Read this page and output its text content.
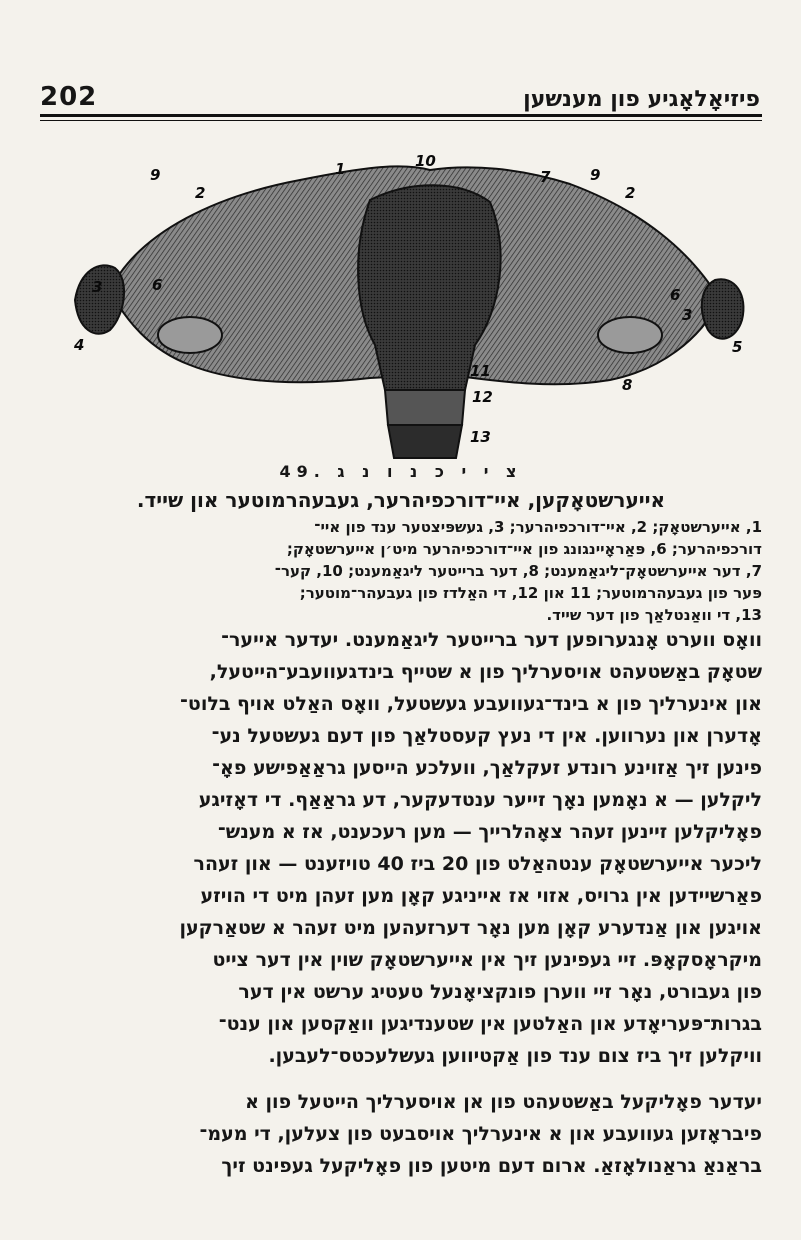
202	פיזיאָלאָגיע פון מענשען
10
9
2
1	7	9
2
6
3
4
3	6
5
8
11
12
13
צ י י כ נ ו נ ג .49
אייערשטאָקען, איי־דורכפיהרער, געבעהרמוטער און שייד.

1, אייערשטאָק; 2, איי־דורכפיהרער; 3, געשפּיצטער ענד פון איי־

דורכפיהרער; 6, פּאַראָיינגונג פון איי־דורכפיהרער מיט׳ן אייערשטאָק;

7, דער אייערשטאָק־ליגאַמענט; 8, דער ברייטער ליגאַמענט; 10, קער־

פּער פון געבעהרמוטער; 11 און 12, די האַלדז פון געבעהר־מוטער;

13, די וואַנטלאַך פון דער שייד.

וואָס ווערט אָנגערופען דער ברייטער ליגאַמענט. יעדער אייער־

שטאָק באַשטעהט אויסערליך פון א שטייף בינדגעוועבע־הייטעל,

און אינערליך פון א בינד־געוועבע געשטעל, וואָס האַלט אויף בלוט־

אָדערן און נערווען. אין די נעץ קעסטלאַך פון דעם געשטעל נע־

פינען זיך אַזוינע רונדע זעקלאַך, וועלכע הייסען גראַאַפישע פאָ־

ליקלען — א נאָמען נאָך זייער ענטדעקער, דע גראַאַף. די דאָזיגע

פאָליקלען זיינען זעהר צאָהלרייך — מען רעכענט, אז א מענש־

ליכער אייערשטאָק ענטהאַלט פון 20 ביז 40 טויזענט — און זעהר

פאַרשיידען אין גרויס, אזוי אז אייניגע קאָן מען זעהן מיט די הויזע

אויגען און אַנדערע קאָן מען נאָר דערזעהען מיט זעהר א שטאַרקען

מיקראָסקאָפּ. זיי געפינען זיך אין אייערשטאָק שוין אין דער צייט

פון געבורט, נאָר זיי ווערן פונקציאָנעל טעטיג ערשט אין דער

בגרות־פּעריאָדע און האַלטען אין שטענדיגען וואַקסען און ענט־

וויקלען זיך ביז צום ענד פון אַקטיווען געשלעכטס־לעבען.

יעדער פאָליקעל באַשטעהט פון אן אויסערליך הייטעל פון א

פיבראָזען געוועבע און א אינערליך אויסבעט פון צעלען, די מעמ־

בראַנאַ גראַנולאָזאַ. ארום דעם מיטען פון פאָליקעל געפינט זיך
